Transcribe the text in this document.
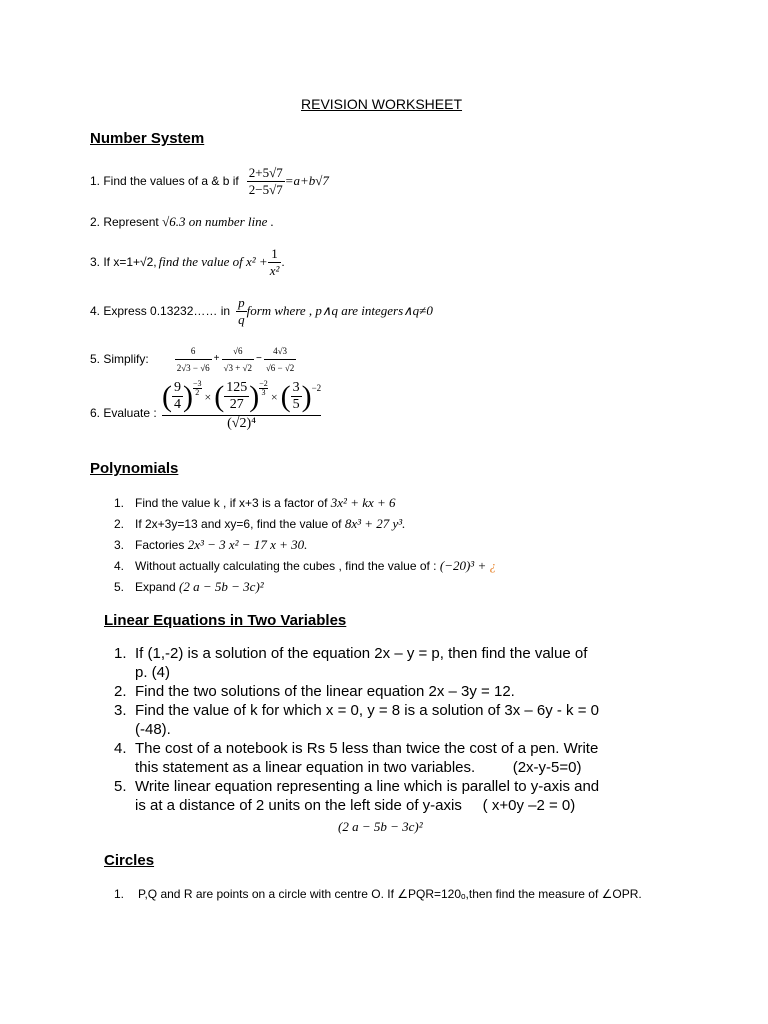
REVISION WORKSHEET
Number System
1. Find the values of a & b if $\frac{2+5√7}{2-5√7} =a+b√7$
2. Represent √6.3 on number line .
3. If x=1+√2, find the value of $x^2 + \frac{1}{\text{x²}}$ .
4. Express 0.13232…… in $\frac{p}{q}$ form where , p∧q are integers∧q≠0
5. Simplify:	$\frac{6}{2√3 - √6} + \frac{√6}{√3 + √2} - \frac{4√3}{√6 - √2}$
6. Evaluate :
( $\frac{9}{4}$ ) $\frac{-3}{2}$ × ( $\frac{125}{27}$ ) $\frac{-2}{3}$ × ( $\frac{3}{5}$ ) −2
(√2)⁴
Polynomials
1. Find the value k , if x+3 is a factor of 3x² + kx + 6
2. If 2x+3y=13 and xy=6, find the value of 8x³ + 27 y³.
3. Factories 2x³ − 3 x² − 17 x + 30.
4. Without actually calculating the cubes , find the value of : (−20)³ + ¿
5. Expand (2 a − 5b − 3c)²
Linear Equations in Two Variables
1. If (1,-2) is a solution of the equation 2x – y = p, then find the value of
p. (4)
2. Find the two solutions of the linear equation 2x – 3y = 12.
3. Find the value of k for which x = 0, y = 8 is a solution of 3x – 6y - k = 0
(-48).
4. The cost of a notebook is Rs 5 less than twice the cost of a pen. Write
this statement as a linear equation in two variables.         (2x-y-5=0)
5. Write linear equation representing a line which is parallel to y-axis and
is at a distance of 2 units on the left side of y-axis     ( x+0y –2 = 0)
(2 a − 5b − 3c)²
Circles
1. P,Q and R are points on a circle with centre O. If ∠PQR=120ₒ,then find the measure of ∠OPR.
